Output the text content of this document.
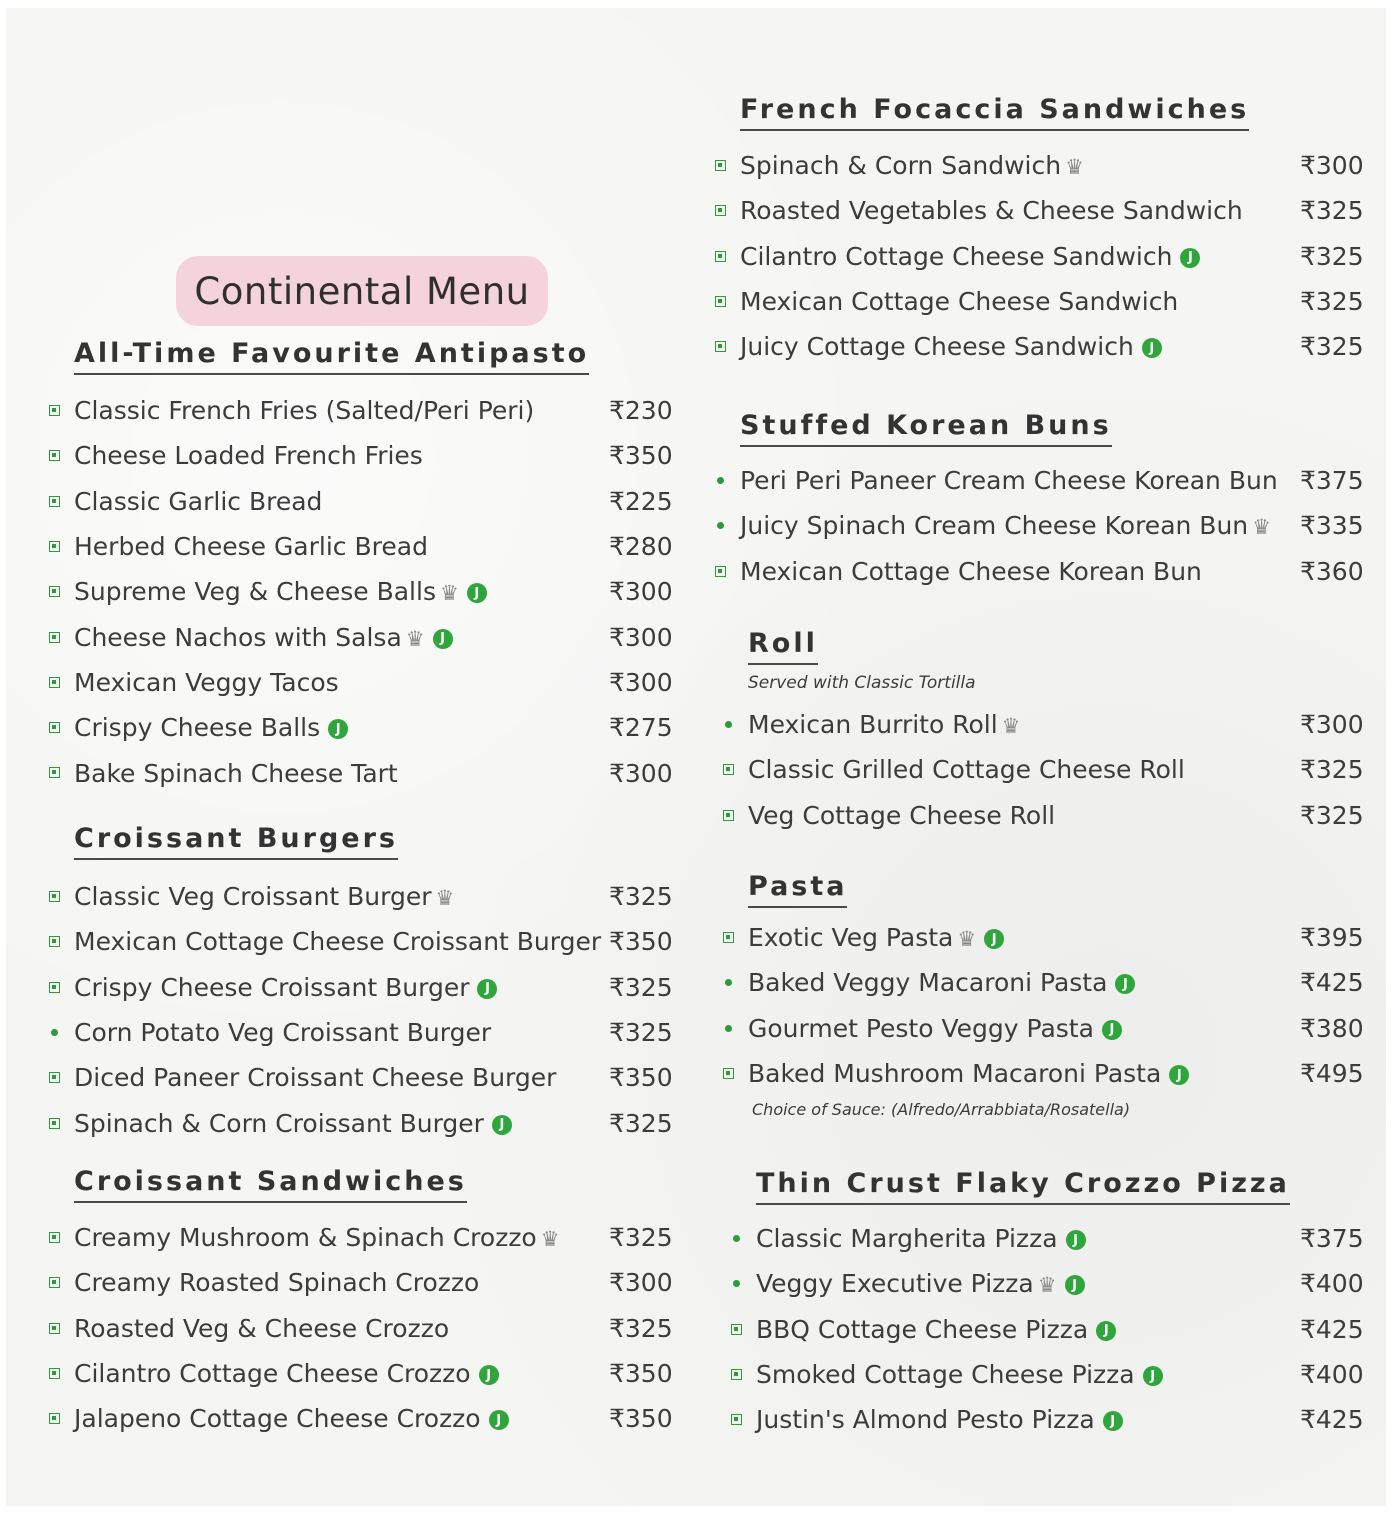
Continental Menu
All-Time Favourite Antipasto
Classic French Fries (Salted/Peri Peri)	₹230
Cheese Loaded French Fries	₹350
Classic Garlic Bread	₹225
Herbed Cheese Garlic Bread	₹280
Supreme Veg & Cheese Balls ♛ J	₹300
Cheese Nachos with Salsa ♛ J	₹300
Mexican Veggy Tacos	₹300
Crispy Cheese Balls J	₹275
Bake Spinach Cheese Tart	₹300
Croissant Burgers
Classic Veg Croissant Burger ♛	₹325
Mexican Cottage Cheese Croissant Burger ₹350
Crispy Cheese Croissant Burger J	₹325
Corn Potato Veg Croissant Burger	₹325
Diced Paneer Croissant Cheese Burger ₹350
Spinach & Corn Croissant Burger J	₹325
Croissant Sandwiches
Creamy Mushroom & Spinach Crozzo ♛ ₹325
Creamy Roasted Spinach Crozzo	₹300
Roasted Veg & Cheese Crozzo	₹325
Cilantro Cottage Cheese Crozzo J	₹350
Jalapeno Cottage Cheese Crozzo J	₹350
French Focaccia Sandwiches
Spinach & Corn Sandwich ♛	₹300
Roasted Vegetables & Cheese Sandwich ₹325
Cilantro Cottage Cheese Sandwich J	₹325
Mexican Cottage Cheese Sandwich	₹325
Juicy Cottage Cheese Sandwich J	₹325
Stuffed Korean Buns
Peri Peri Paneer Cream Cheese Korean Bun ₹375
Juicy Spinach Cream Cheese Korean Bun ♛ ₹335
Mexican Cottage Cheese Korean Bun	₹360
Roll
Served with Classic Tortilla
Mexican Burrito Roll ♛	₹300
Classic Grilled Cottage Cheese Roll	₹325
Veg Cottage Cheese Roll	₹325
Pasta
Exotic Veg Pasta ♛ J	₹395
Baked Veggy Macaroni Pasta J	₹425
Gourmet Pesto Veggy Pasta J	₹380
Baked Mushroom Macaroni Pasta J	₹495
Choice of Sauce: (Alfredo/Arrabbiata/Rosatella)
Thin Crust Flaky Crozzo Pizza
Classic Margherita Pizza J	₹375
Veggy Executive Pizza ♛ J	₹400
BBQ Cottage Cheese Pizza J	₹425
Smoked Cottage Cheese Pizza J	₹400
Justin's Almond Pesto Pizza J	₹425
